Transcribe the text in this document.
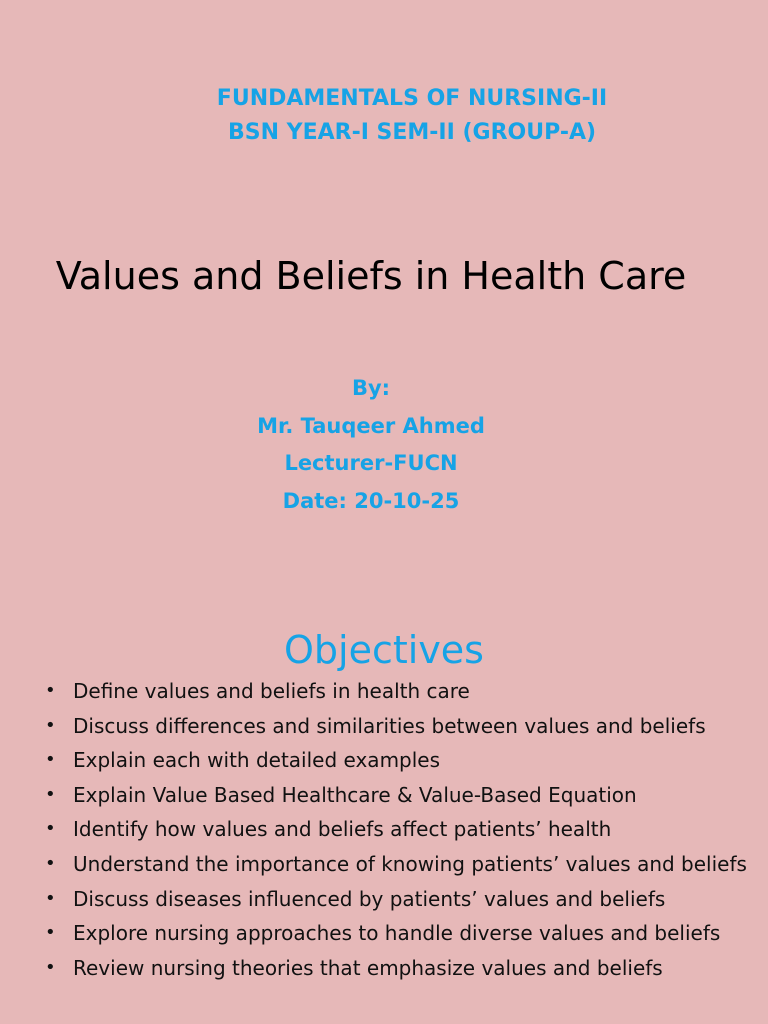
FUNDAMENTALS OF NURSING-II
BSN YEAR-I SEM-II (GROUP-A)
Values and Beliefs in Health Care
By:
Mr. Tauqeer Ahmed
Lecturer-FUCN
Date: 20-10-25
Objectives
• Define values and beliefs in health care
• Discuss differences and similarities between values and beliefs
• Explain each with detailed examples
• Explain Value Based Healthcare & Value-Based Equation
• Identify how values and beliefs affect patients’ health
• Understand the importance of knowing patients’ values and beliefs
• Discuss diseases influenced by patients’ values and beliefs
• Explore nursing approaches to handle diverse values and beliefs
• Review nursing theories that emphasize values and beliefs
